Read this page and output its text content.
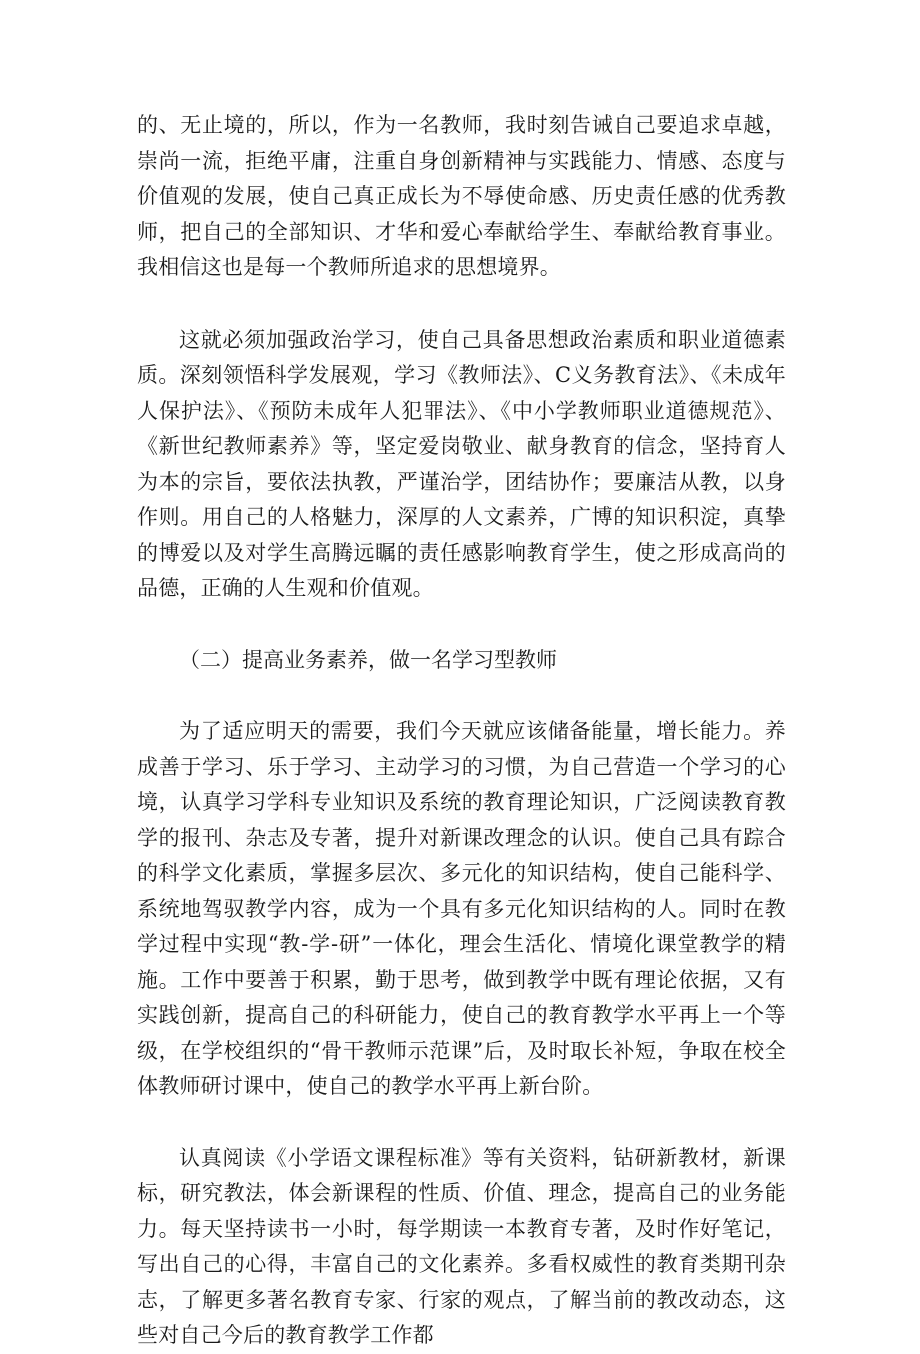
的、无止境的，所以，作为一名教师，我时刻告诫自己要追求卓越，崇尚一流，拒绝平庸，注重自身创新精神与实践能力、情感、态度与价值观的发展，使自己真正成长为不辱使命感、历史责任感的优秀教师，把自己的全部知识、才华和爱心奉献给学生、奉献给教育事业。我相信这也是每一个教师所追求的思想境界。

这就必须加强政治学习，使自己具备思想政治素质和职业道德素质。深刻领悟科学发展观，学习《教师法》、C义务教育法》、《未成年人保护法》、《预防未成年人犯罪法》、《中小学教师职业道德规范》、《新世纪教师素养》等，坚定爱岗敬业、献身教育的信念，坚持育人为本的宗旨，要依法执教，严谨治学，团结协作；要廉洁从教，以身作则。用自己的人格魅力，深厚的人文素养，广博的知识积淀，真挚的博爱以及对学生高腾远瞩的责任感影响教育学生，使之形成高尚的品德，正确的人生观和价值观。

（二）提高业务素养，做一名学习型教师

为了适应明天的需要，我们今天就应该储备能量，增长能力。养成善于学习、乐于学习、主动学习的习惯，为自己营造一个学习的心境，认真学习学科专业知识及系统的教育理论知识，广泛阅读教育教学的报刊、杂志及专著，提升对新课改理念的认识。使自己具有踪合的科学文化素质，掌握多层次、多元化的知识结构，使自己能科学、系统地驾驭教学内容，成为一个具有多元化知识结构的人。同时在教学过程中实现“教-学-研”一体化，理会生活化、情境化课堂教学的精施。工作中要善于积累，勤于思考，做到教学中既有理论依据，又有实践创新，提高自己的科研能力，使自己的教育教学水平再上一个等级，在学校组织的“骨干教师示范课”后，及时取长补短，争取在校全体教师研讨课中，使自己的教学水平再上新台阶。

认真阅读《小学语文课程标准》等有关资料，钻研新教材，新课标，研究教法，体会新课程的性质、价值、理念，提高自己的业务能力。每天坚持读书一小时，每学期读一本教育专著，及时作好笔记，写出自己的心得，丰富自己的文化素养。多看权威性的教育类期刊杂志，了解更多著名教育专家、行家的观点，了解当前的教改动态，这些对自己今后的教育教学工作都
